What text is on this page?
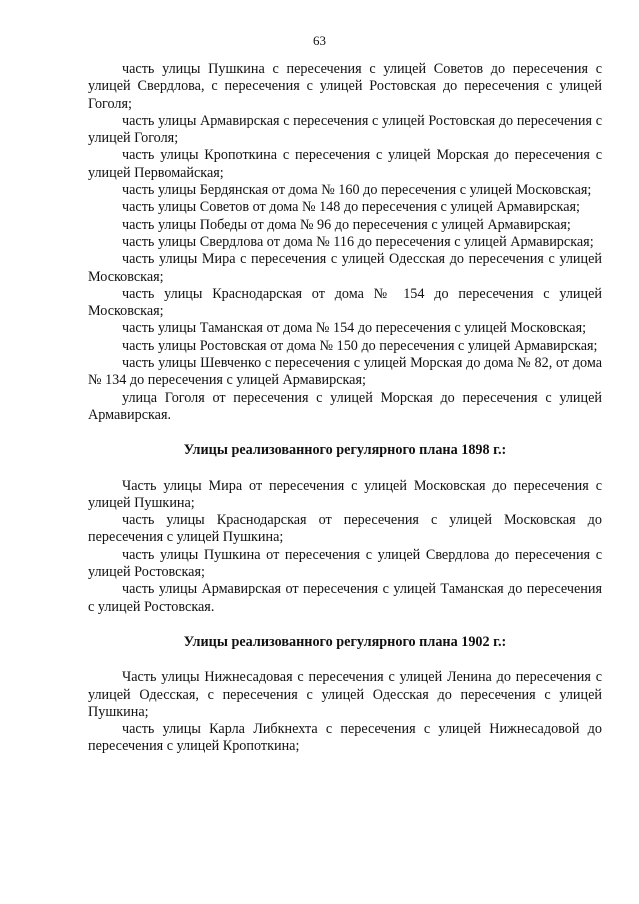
63

часть улицы Пушкина с пересечения с улицей Советов до пересечения с улицей Свердлова, с пересечения с улицей Ростовская до пересечения с улицей Гоголя;

часть улицы Армавирская с пересечения с улицей Ростовская до пересечения с улицей Гоголя;

часть улицы Кропоткина с пересечения с улицей Морская до пересечения с улицей Первомайская;

часть улицы Бердянская от дома № 160 до пересечения с улицей Московская;

часть улицы Советов от дома № 148 до пересечения с улицей Армавирская;

часть улицы Победы от дома № 96 до пересечения с улицей Армавирская;

часть улицы Свердлова от дома № 116 до пересечения с улицей Армавирская;

часть улицы Мира с пересечения с улицей Одесская до пересечения с улицей Московская;

часть улицы Краснодарская от дома № 154 до пересечения с улицей Московская;

часть улицы Таманская от дома № 154 до пересечения с улицей Московская;

часть улицы Ростовская от дома № 150 до пересечения с улицей Армавирская;

часть улицы Шевченко с пересечения с улицей Морская до дома № 82, от дома № 134 до пересечения с улицей Армавирская;

улица Гоголя от пересечения с улицей Морская до пересечения с улицей Армавирская.

Улицы реализованного регулярного плана 1898 г.:

Часть улицы Мира от пересечения с улицей Московская до пересечения с улицей Пушкина;

часть улицы Краснодарская от пересечения с улицей Московская до пересечения с улицей Пушкина;

часть улицы Пушкина от пересечения с улицей Свердлова до пересечения с улицей Ростовская;

часть улицы Армавирская от пересечения с улицей Таманская до пересечения с улицей Ростовская.

Улицы реализованного регулярного плана 1902 г.:

Часть улицы Нижнесадовая с пересечения с улицей Ленина до пересечения с улицей Одесская, с пересечения с улицей Одесская до пересечения с улицей Пушкина;

часть улицы Карла Либкнехта с пересечения с улицей Нижнесадовой до пересечения с улицей Кропоткина;
